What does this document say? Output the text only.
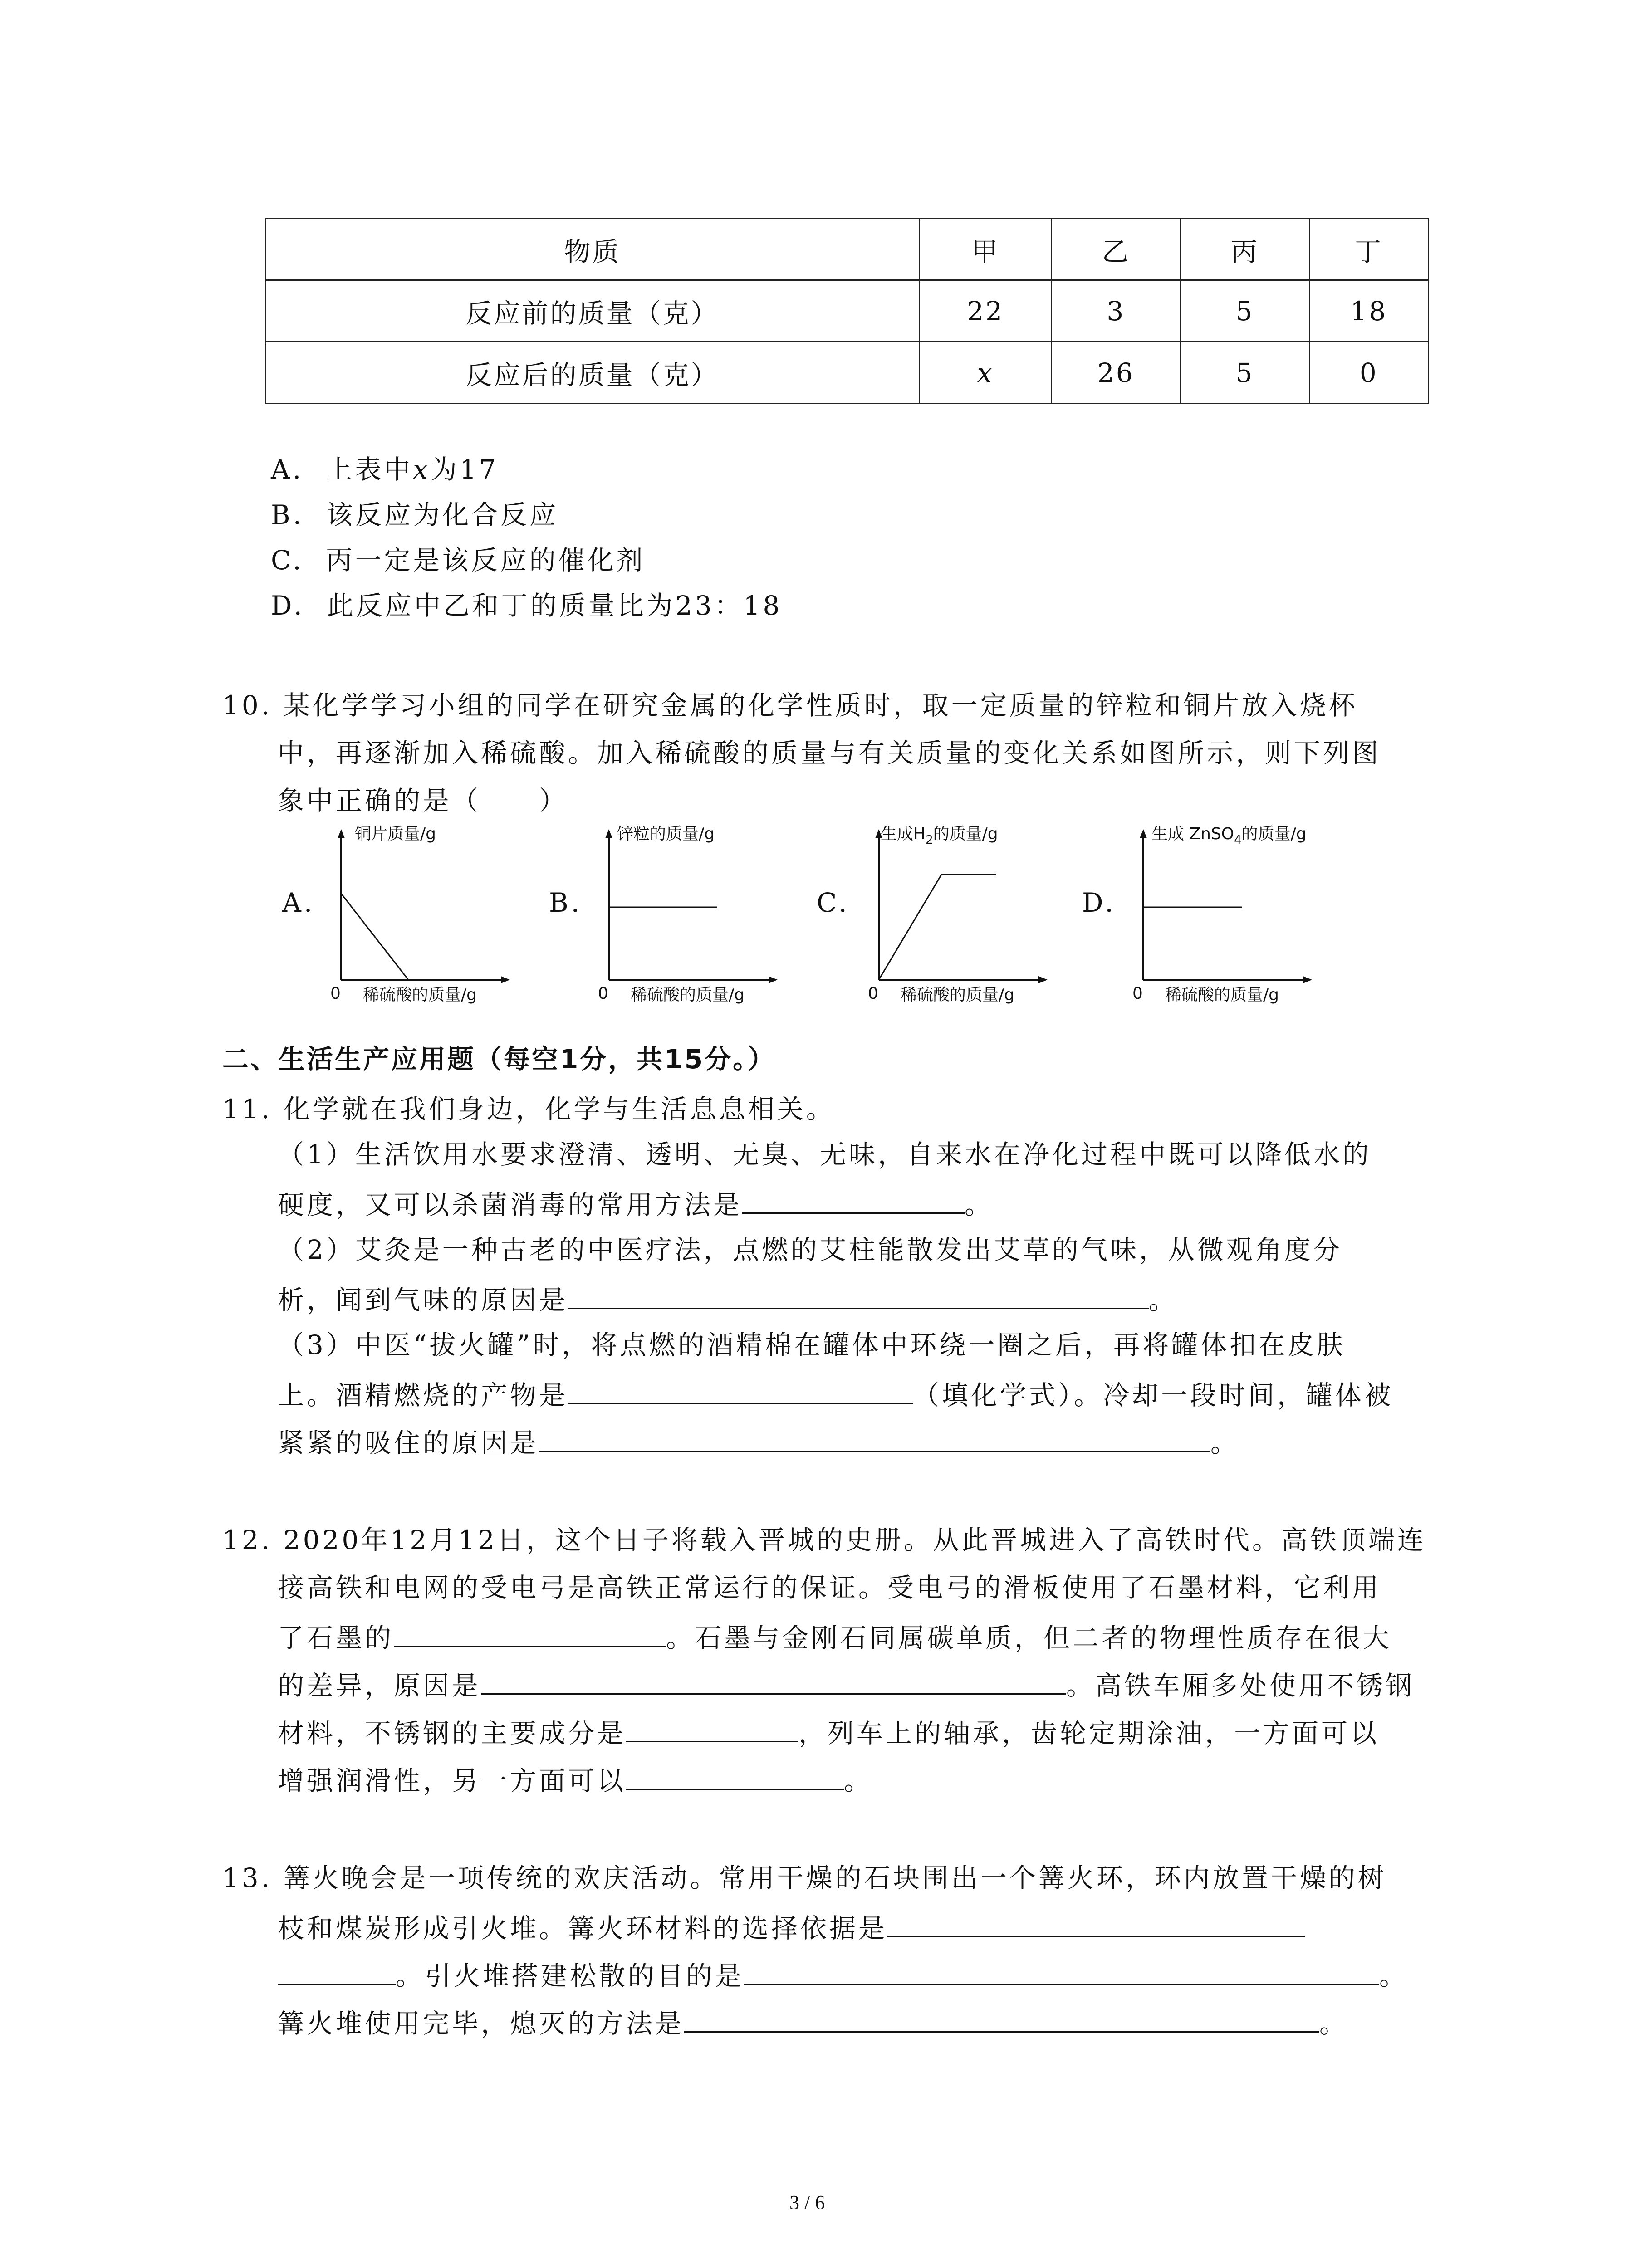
物质	甲	乙	丙	丁
反应前的质量（克）	22	3	5	18
反应后的质量（克）	x	26	5	0
A. 上表中x为17
B. 该反应为化合反应
C. 丙一定是该反应的催化剂
D. 此反应中乙和丁的质量比为23：18
10. 某化学学习小组的同学在研究金属的化学性质时，取一定质量的锌粒和铜片放入烧杯
中，再逐渐加入稀硫酸。加入稀硫酸的质量与有关质量的变化关系如图所示，则下列图
象中正确的是（　　）
A.
铜片质量/g
0 稀硫酸的质量/g
B.
锌粒的质量/g
0 稀硫酸的质量/g
C.
生成$H_2$的质量/g
0 稀硫酸的质量/g
D.
生成 ZnSO$_4$的质量/g
0 稀硫酸的质量/g
二、生活生产应用题（每空1分，共15分。）
11. 化学就在我们身边，化学与生活息息相关。
（1）生活饮用水要求澄清、透明、无臭、无味，自来水在净化过程中既可以降低水的
硬度，又可以杀菌消毒的常用方法是	。
（2）艾灸是一种古老的中医疗法，点燃的艾柱能散发出艾草的气味，从微观角度分
析，闻到气味的原因是	。
（3）中医“拔火罐”时，将点燃的酒精棉在罐体中环绕一圈之后，再将罐体扣在皮肤
上。酒精燃烧的产物是	（填化学式）。冷却一段时间，罐体被
紧紧的吸住的原因是	。
12. 2020年12月12日，这个日子将载入晋城的史册。从此晋城进入了高铁时代。高铁顶端连
接高铁和电网的受电弓是高铁正常运行的保证。受电弓的滑板使用了石墨材料，它利用
了石墨的	。石墨与金刚石同属碳单质，但二者的物理性质存在很大
的差异，原因是	。高铁车厢多处使用不锈钢
材料，不锈钢的主要成分是	，列车上的轴承，齿轮定期涂油，一方面可以
增强润滑性，另一方面可以	。
13. 篝火晚会是一项传统的欢庆活动。常用干燥的石块围出一个篝火环，环内放置干燥的树
枝和煤炭形成引火堆。篝火环材料的选择依据是
。引火堆搭建松散的目的是	。
篝火堆使用完毕，熄灭的方法是	。
3 / 6
